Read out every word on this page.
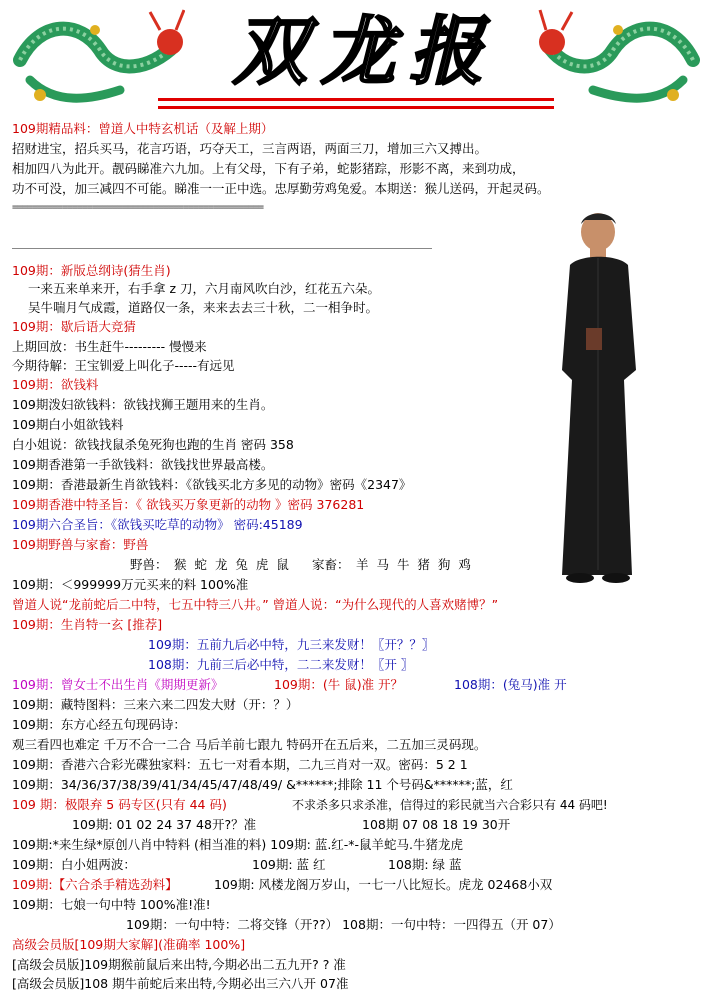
双龙报
109期精品料：曾道人中特玄机话（及解上期）
招财进宝，招兵买马，花言巧语，巧夺天工，三言两语，两面三刀，增加三六又搏出。
相加四八为此开。靓码睇准六九加。上有父母，下有子弟，蛇影猪踪，形影不离，来到功成，
功不可没，加三减四不可能。睇准一一正中选。忠厚勤劳鸡兔爱。本期送：猴儿送码，开起灵码。
==================================================
109期：新版总纲诗(猜生肖)
一来五来单来开，右手拿 z 刀，六月南风吹白沙，红花五六朵。
吴牛喘月气成霞，道路仅一条，来来去去三十秋，二一相争时。
109期：歇后语大竞猜
上期回放：书生赶牛--------- 慢慢来
今期待解：王宝钏爱上叫化子-----有远见
109期：欲钱料
109期泼妇欲钱料：欲钱找狮王题用来的生肖。
109期白小姐欲钱料
白小姐说：欲钱找鼠杀兔死狗也跑的生肖 密码 358
109期香港第一手欲钱料：欲钱找世界最高楼。
109期：香港最新生肖欲钱料：《欲钱买北方多见的动物》密码《2347》
109期香港中特圣旨：《 欲钱买万象更新的动物 》密码 376281
109期六合圣旨：《欲钱买吃草的动物》 密码:45189
109期野兽与家畜：野兽
野兽： 猴 蛇 龙 兔 虎 鼠 家畜： 羊 马 牛 猪 狗 鸡
109期：＜999999万元买来的料 100%准
曾道人说“龙前蛇后二中特，七五中特三八井。” 曾道人说：“为什么现代的人喜欢赌博？”
109期：生肖特一玄 [推荐]
109期：五前九后必中特，九三来发财！〖开？？〗
108期：九前三后必中特，二二来发财！〖开 〗
109期：曾女士不出生肖《期期更新》	109期：(牛 鼠)准 开？	108期：(兔马)准 开
109期：藏特图料：三来六来二四发大财（开：？）
109期：东方心经五句现码诗：
观三看四也难定 千万不合一二合 马后羊前七跟九 特码开在五后来，二五加三灵码现。
109期：香港六合彩光碟独家料：五七一对看本期，二九三肖对一双。密码：5 2 1
109期：34/36/37/38/39/41/34/45/47/48/49/ &******;排除 11 个号码&******;蓝，红
109 期：极限弃 5 码专区(只有 44 码)	不求杀多只求杀准，信得过的彩民就当六合彩只有 44 码吧!
109期: 01 02 24 37 48开?？准	108期 07 08 18 19 30开
109期:*来生绿*原创八肖中特料 (相当准的料) 109期: 蓝.红-*-鼠羊蛇马.牛猪龙虎
109期：白小姐两波：	109期: 蓝 红	108期: 绿 蓝
109期:【六合杀手精选劲料】	109期: 风楼龙阁万岁山，一七一八比短长。虎龙 02468小双
109期：七娘一句中特 100%准!准!
109期：一句中特：二将交锋（开??） 108期：一句中特：一四得五（开 07）
高级会员版[109期大家解](准确率 100%]
[高级会员版]109期猴前鼠后来出特,今期必出二五九开? ? 准
[高级会员版]108 期牛前蛇后来出特,今期必出三六八开 07准
